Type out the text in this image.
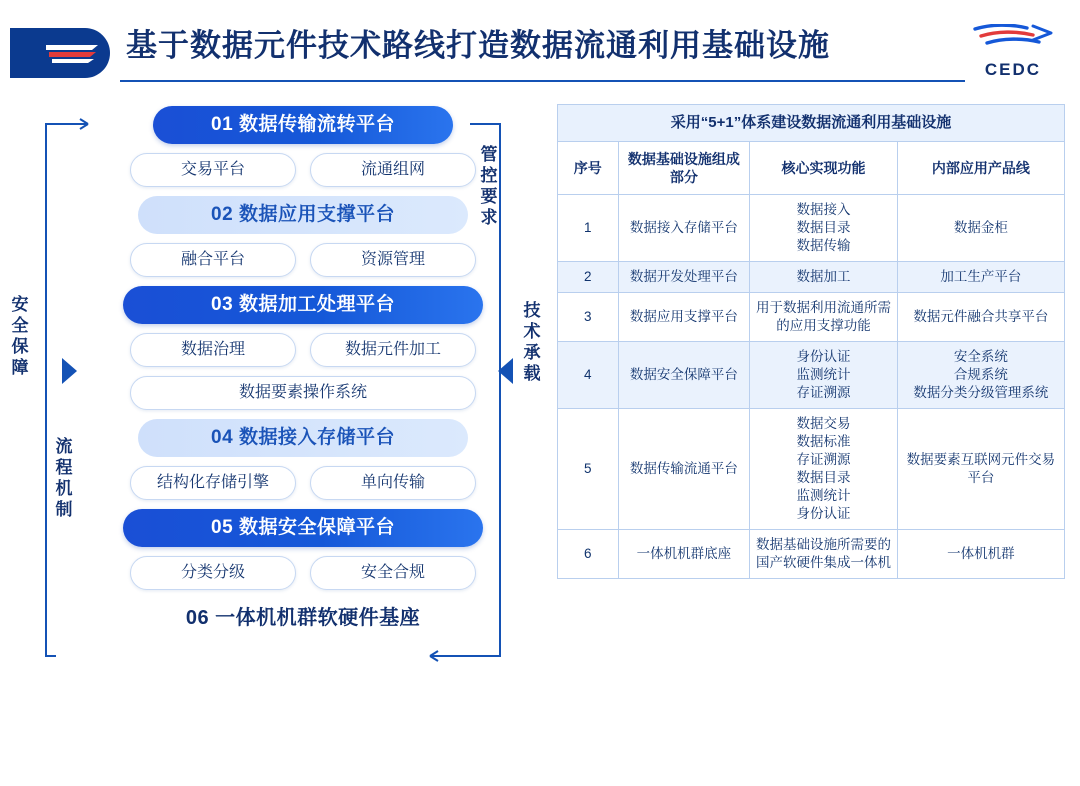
基于数据元件技术路线打造数据流通利用基础设施
CEDC
安全保障
流程机制
管控要求
技术承载
01 数据传输流转平台
交易平台	流通组网
02 数据应用支撑平台
融合平台	资源管理
03 数据加工处理平台
数据治理	数据元件加工
数据要素操作系统
04 数据接入存储平台
结构化存储引擎	单向传输
05 数据安全保障平台
分类分级	安全合规
06 一体机机群软硬件基座
采用“5+1”体系建设数据流通利用基础设施			
序号	数据基础设施组成部分	核心实现功能	内部应用产品线
1	数据接入存储平台	数据接入
数据目录
数据传输	数据金柜
2	数据开发处理平台	数据加工	加工生产平台
3	数据应用支撑平台	用于数据利用流通所需的应用支撑功能	数据元件融合共享平台
4	数据安全保障平台	身份认证
监测统计
存证溯源	安全系统
合规系统
数据分类分级管理系统
5	数据传输流通平台	数据交易
数据标准
存证溯源
数据目录
监测统计
身份认证	数据要素互联网元件交易平台
6	一体机机群底座	数据基础设施所需要的国产软硬件集成一体机	一体机机群
